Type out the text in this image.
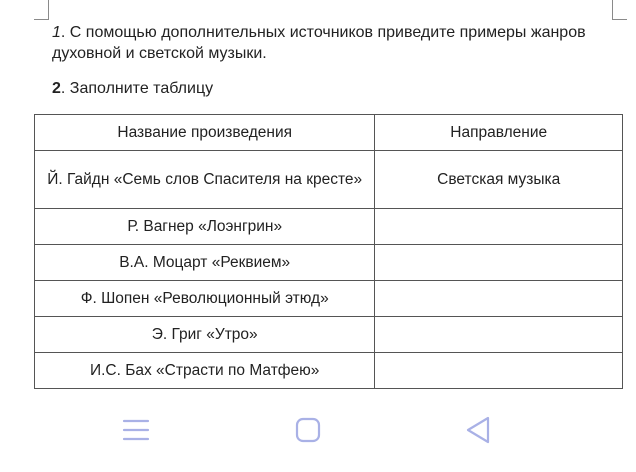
1. С помощью дополнительных источников приведите примеры жанров духовной и светской музыки.
2. Заполните таблицу
Название произведения	Направление
Й. Гайдн «Семь слов Спасителя на кресте»	Светская музыка
Р. Вагнер «Лоэнгрин»	
В.А. Моцарт «Реквием»	
Ф. Шопен «Революционный этюд»	
Э. Григ «Утро»	
И.С. Бах «Страсти по Матфею»	
